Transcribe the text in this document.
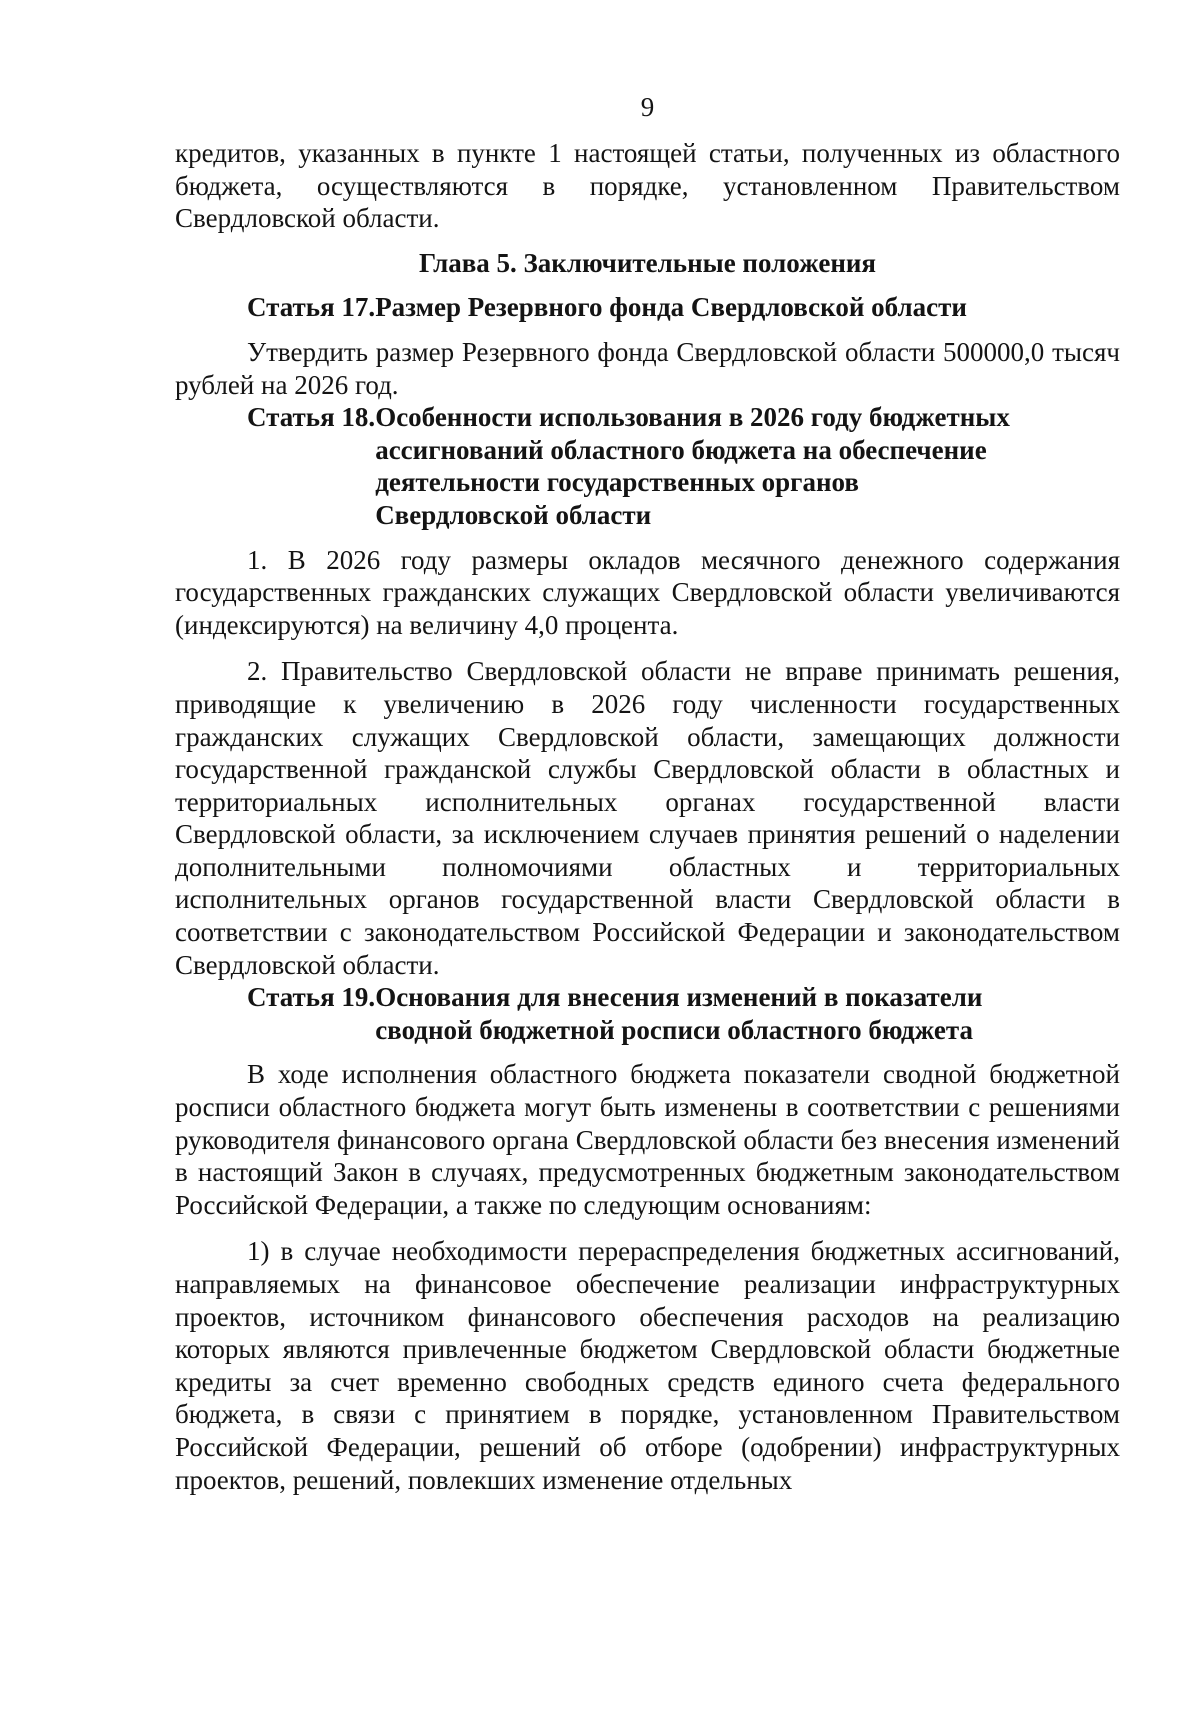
9

кредитов, указанных в пункте 1 настоящей статьи, полученных из областного бюджета, осуществляются в порядке, установленном Правительством Свердловской области.

Глава 5. Заключительные положения
Статья 17. Размер Резервного фонда Свердловской области

Утвердить размер Резервного фонда Свердловской области 500000,0 тысяч рублей на 2026 год.

Статья 18. Особенности использования в 2026 году бюджетных ассигнований областного бюджета на обеспечение деятельности государственных органов Свердловской области

1. В 2026 году размеры окладов месячного денежного содержания государственных гражданских служащих Свердловской области увеличиваются (индексируются) на величину 4,0 процента.

2. Правительство Свердловской области не вправе принимать решения, приводящие к увеличению в 2026 году численности государственных гражданских служащих Свердловской области, замещающих должности государственной гражданской службы Свердловской области в областных и территориальных исполнительных органах государственной власти Свердловской области, за исключением случаев принятия решений о наделении дополнительными полномочиями областных и территориальных исполнительных органов государственной власти Свердловской области в соответствии с законодательством Российской Федерации и законодательством Свердловской области.

Статья 19. Основания для внесения изменений в показатели сводной бюджетной росписи областного бюджета

В ходе исполнения областного бюджета показатели сводной бюджетной росписи областного бюджета могут быть изменены в соответствии с решениями руководителя финансового органа Свердловской области без внесения изменений в настоящий Закон в случаях, предусмотренных бюджетным законодательством Российской Федерации, а также по следующим основаниям:

1) в случае необходимости перераспределения бюджетных ассигнований, направляемых на финансовое обеспечение реализации инфраструктурных проектов, источником финансового обеспечения расходов на реализацию которых являются привлеченные бюджетом Свердловской области бюджетные кредиты за счет временно свободных средств единого счета федерального бюджета, в связи с принятием в порядке, установленном Правительством Российской Федерации, решений об отборе (одобрении) инфраструктурных проектов, решений, повлекших изменение отдельных
